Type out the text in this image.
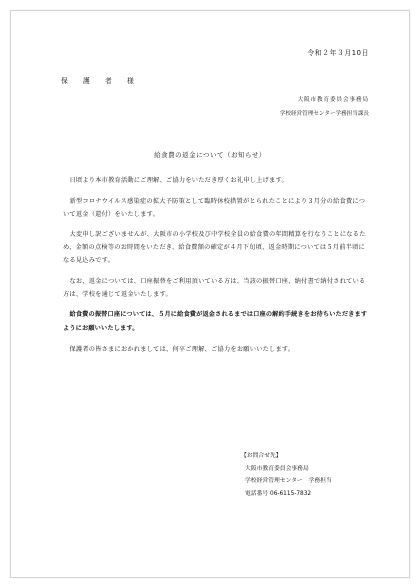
令和２年３月10日
保　護　者　様
大阪市教育委員会事務局
学校経営管理センター学務担当課長
給食費の返金について（お知らせ）

日頃より本市教育活動にご理解、ご協力をいただき厚くお礼申し上げます。

新型コロナウイルス感染症の拡大予防策として臨時休校措置がとられたことにより３月分の給食費について返金（還付）をいたします。

大変申し訳ございませんが、大阪市の小学校及び中学校全員の給食費の年間精算を行なうことになるため、金額の点検等のお時間をいただき、給食費額の確定が４月下旬頃、返金時期については５月前半頃になる見込みです。

なお、返金については、口座振替をご利用頂いている方は、当該の振替口座、納付書で納付されている方は、学校を通じて返金いたします。

給食費の振替口座については、５月に給食費が返金されるまでは口座の解約手続きをお待ちいただきますようにお願いいたします。

保護者の皆さまにおかれましては、何卒ご理解、ご協力をお願いいたします。

【お問合せ先】
大阪市教育委員会事務局
学校経営管理センター　学務担当
電話番号 06-6115-7832
